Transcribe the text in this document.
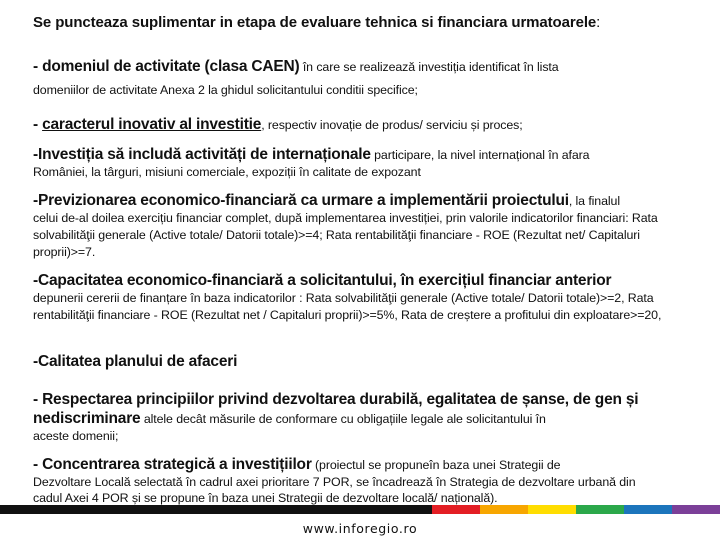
Se puncteaza suplimentar in etapa de evaluare tehnica si financiara urmatoarele:
- domeniul de activitate (clasa CAEN) în care se realizează investiția identificat în lista
domeniilor de activitate Anexa 2 la ghidul solicitantului conditii specifice;
- caracterul inovativ al investitie, respectiv inovație de produs/ serviciu și proces;
-Investiția să includă activități de internaționale participare, la nivel internațional în afara
României, la târguri, misiuni comerciale, expoziții în calitate de expozant
-Previzionarea economico-financiară ca urmare a implementării proiectului, la finalul
celui de-al doilea exercițiu financiar complet, după implementarea investiției, prin valorile indicatorilor financiari: Rata solvabilităţii generale (Active totale/ Datorii totale)>=4; Rata rentabilităţii financiare - ROE (Rezultat net/ Capitaluri proprii)>=7.
-Capacitatea economico-financiară a solicitantului, în exercițiul financiar anterior
depunerii cererii de finanțare în baza indicatorilor : Rata solvabilităţii generale (Active totale/ Datorii totale)>=2, Rata rentabilităţii financiare - ROE (Rezultat net / Capitaluri proprii)>=5%, Rata de creștere a profitului din exploatare>=20,
-Calitatea planului de afaceri
- Respectarea principiilor privind dezvoltarea durabilă, egalitatea de șanse, de gen și nediscriminare altele decât măsurile de conformare cu obligațiile legale ale solicitantului în
aceste domenii;
- Concentrarea strategică a investițiilor (proiectul se propuneîn baza unei Strategii de
Dezvoltare Locală selectată în cadrul axei prioritare 7 POR, se încadrează în Strategia de dezvoltare urbană din cadul Axei 4 POR și se propune în baza unei Strategii de dezvoltare locală/ națională).
www.inforegio.ro
